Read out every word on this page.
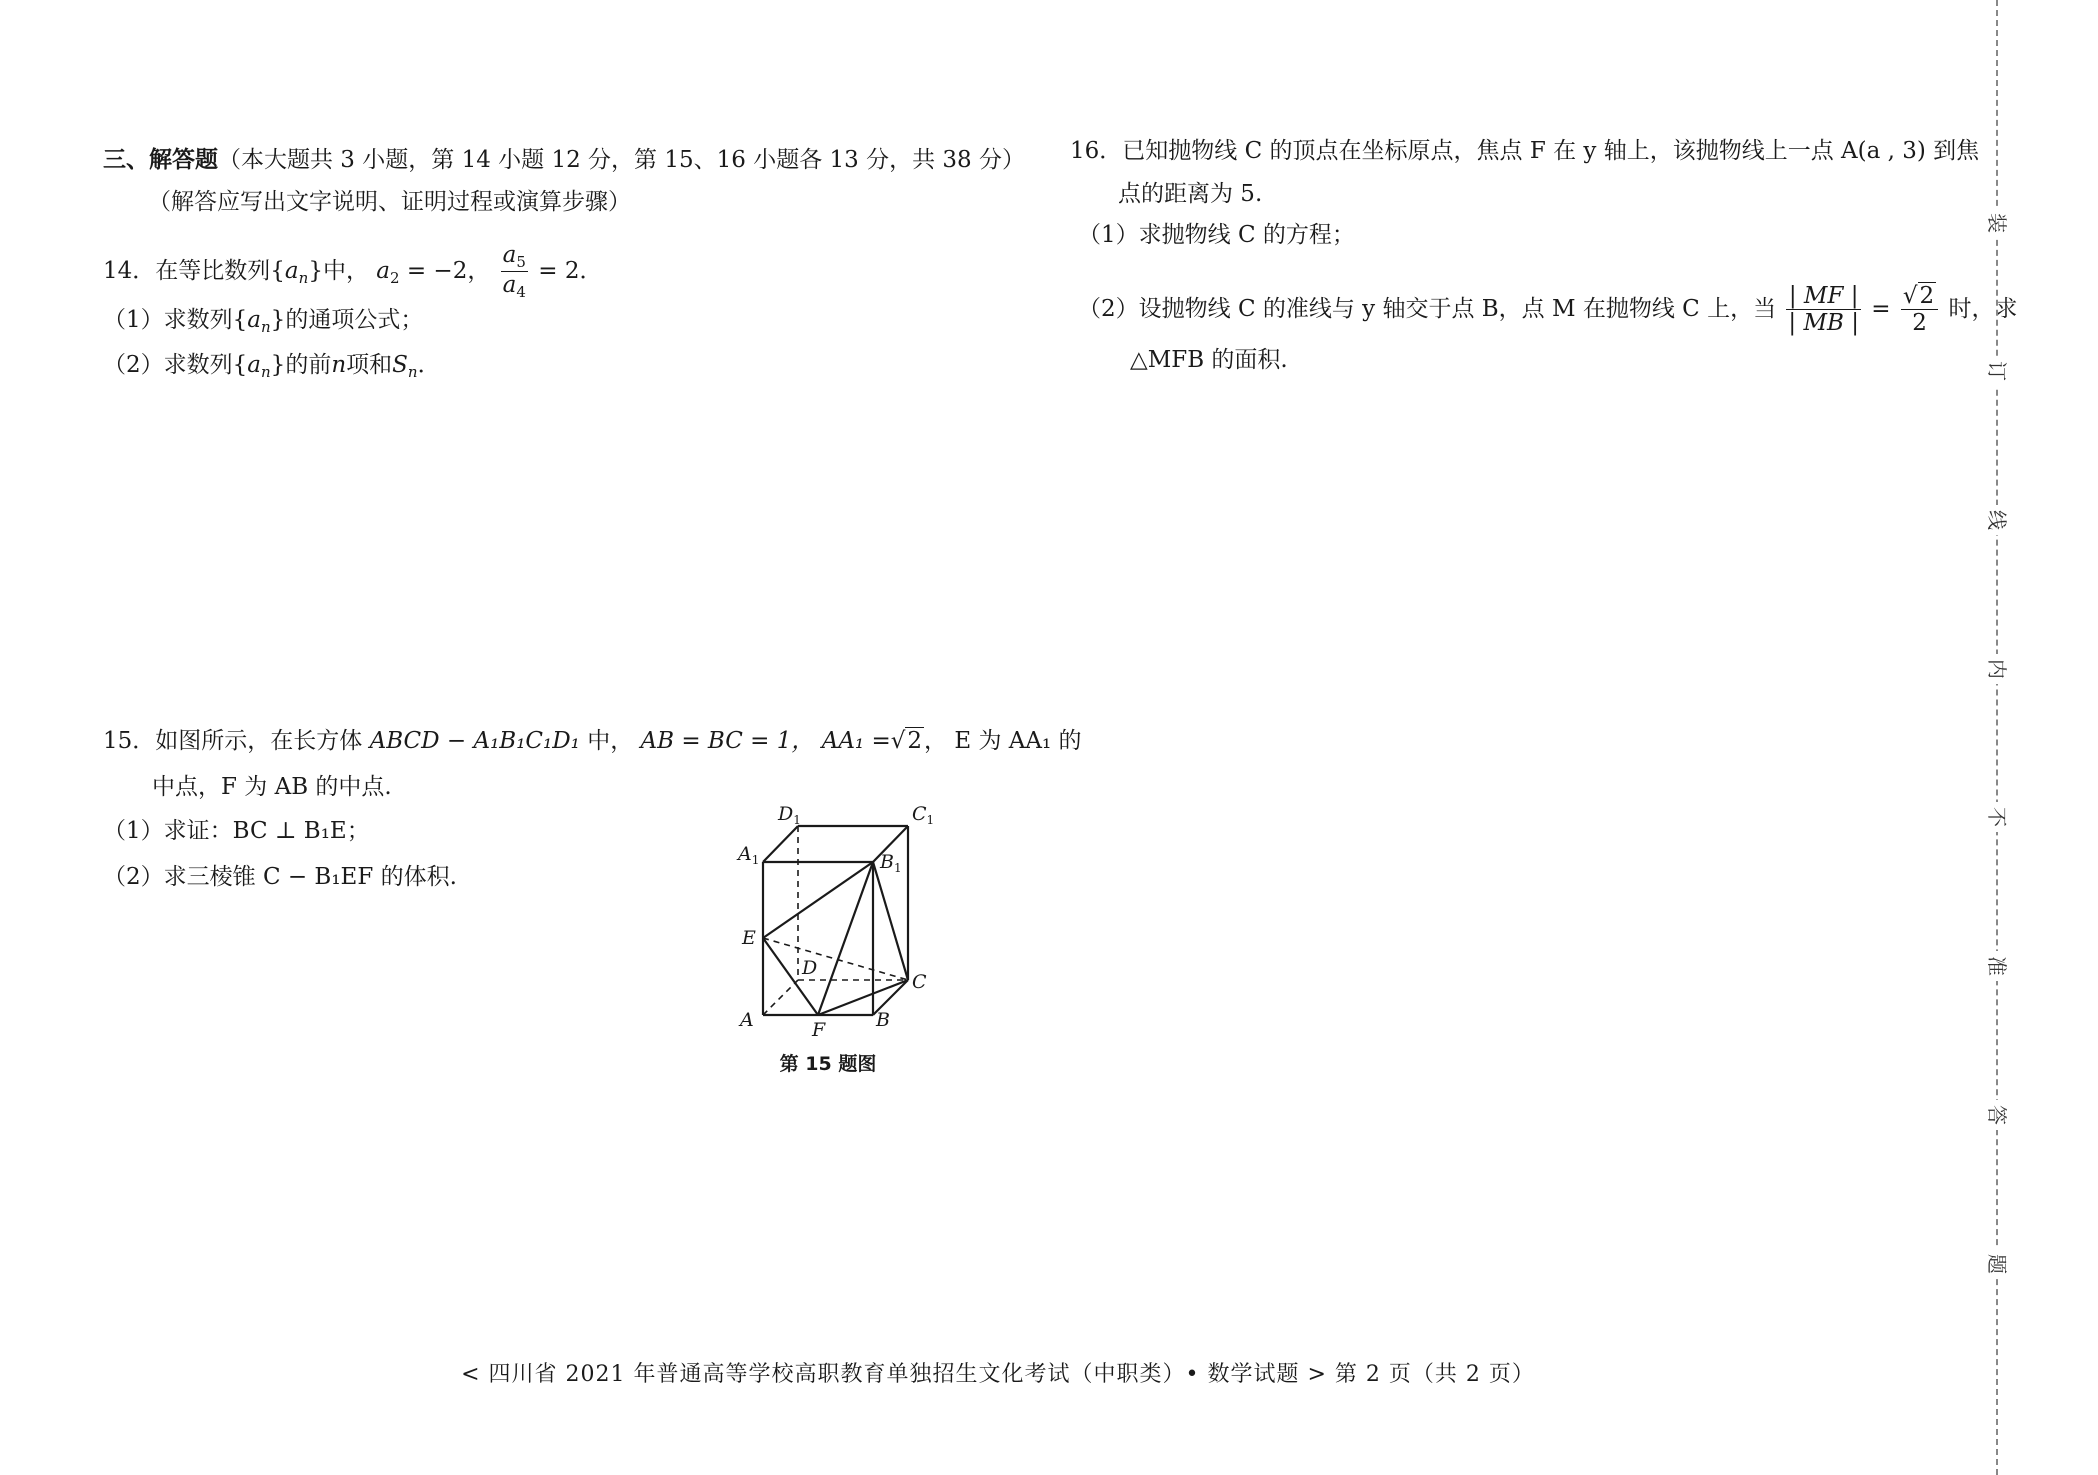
三、解答题（本大题共 3 小题，第 14 小题 12 分，第 15、16 小题各 13 分，共 38 分）
（解答应写出文字说明、证明过程或演算步骤）
14．在等比数列$\{a_n\}$中， $a_2 = -2$， $\frac{a_5}{a_4} = 2$．
（1）求数列$\{a_n\}$的通项公式；
（2）求数列$\{a_n\}$的前n项和$S_n$．
15．如图所示，在长方体 ABCD − A₁B₁C₁D₁ 中， AB = BC = 1， AA₁ =√2， E 为 AA₁ 的
中点，F 为 AB 的中点.
（1）求证：BC ⊥ B₁E；
（2）求三棱锥 C − B₁EF 的体积.
$D_1$	$C_1$
$A_1$	$B_1$
E
D
C
A	F	B
第 15 题图
16．已知抛物线 C 的顶点在坐标原点，焦点 F 在 y 轴上，该抛物线上一点 A(a , 3) 到焦
点的距离为 5.
（1）求抛物线 C 的方程；
（2）设抛物线 C 的准线与 y 轴交于点 B，点 M 在抛物线 C 上，当 $\frac{| MF |}{| MB |} = \frac{√2}{2}$ 时，求
△MFB 的面积.
装
订
线
内
不
准
答
题
< 四川省 2021 年普通高等学校高职教育单独招生文化考试（中职类）• 数学试题 > 第 2 页（共 2 页）
